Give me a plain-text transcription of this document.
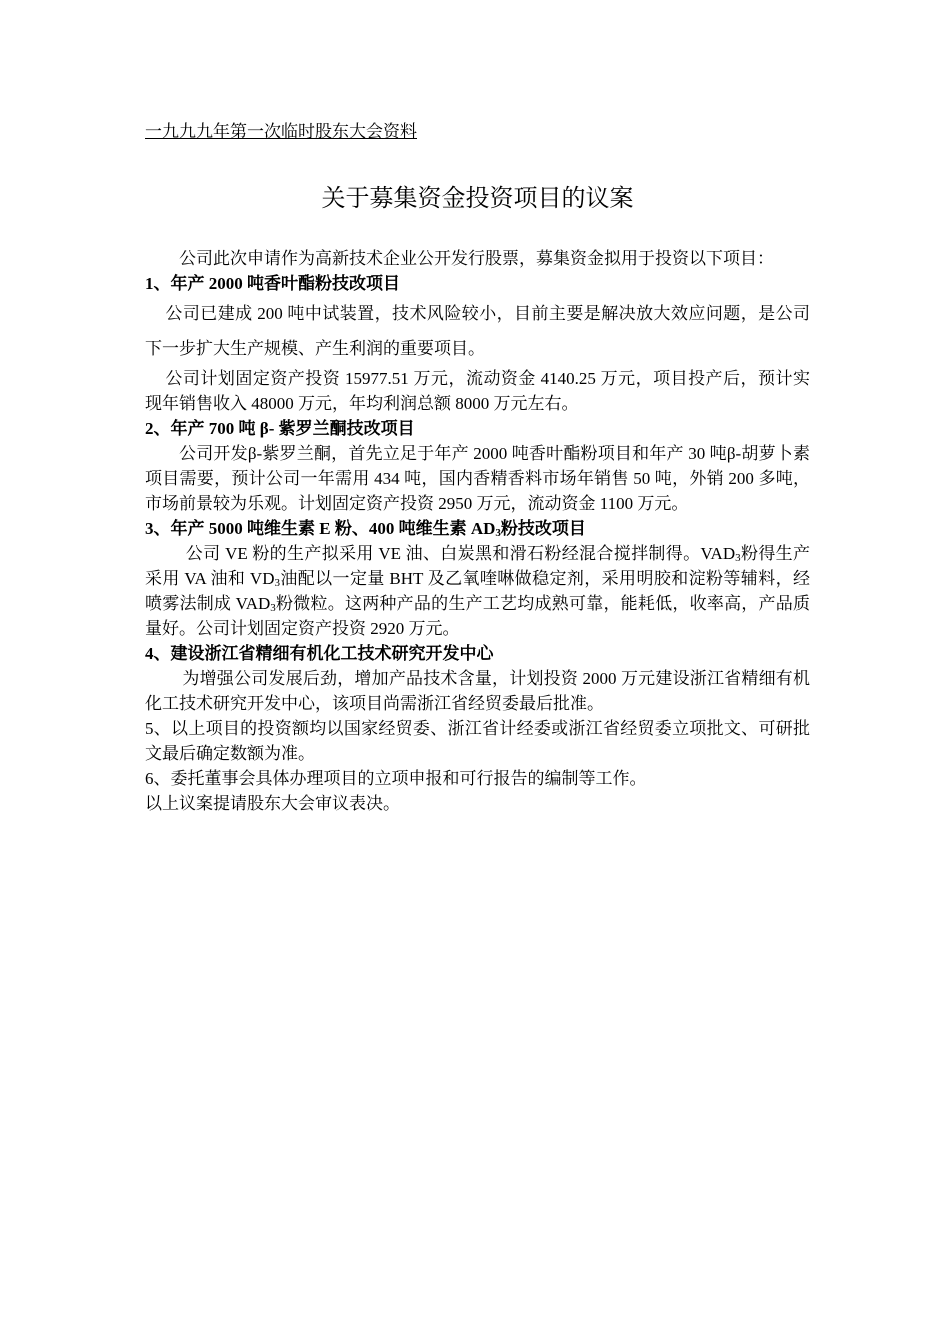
一九九九年第一次临时股东大会资料

关于募集资金投资项目的议案

公司此次申请作为高新技术企业公开发行股票，募集资金拟用于投资以下项目：

1、年产 2000 吨香叶酯粉技改项目

公司已建成 200 吨中试装置，技术风险较小，目前主要是解决放大效应问题，是公司下一步扩大生产规模、产生利润的重要项目。

公司计划固定资产投资 15977.51 万元，流动资金 4140.25 万元，项目投产后，预计实现年销售收入 48000 万元，年均利润总额 8000 万元左右。

2、年产 700 吨 β- 紫罗兰酮技改项目

公司开发β-紫罗兰酮，首先立足于年产 2000 吨香叶酯粉项目和年产 30 吨β-胡萝卜素项目需要，预计公司一年需用 434 吨，国内香精香料市场年销售 50 吨，外销 200 多吨，市场前景较为乐观。计划固定资产投资 2950 万元，流动资金 1100 万元。

3、年产 5000 吨维生素 E 粉、400 吨维生素 $AD_3$粉技改项目

公司 VE 粉的生产拟采用 VE 油、白炭黑和滑石粉经混合搅拌制得。$VAD_3$粉得生产采用 VA 油和 $VD_3$油配以一定量 BHT 及乙氧喹啉做稳定剂，采用明胶和淀粉等辅料，经喷雾法制成 $VAD_3$粉微粒。这两种产品的生产工艺均成熟可靠，能耗低，收率高，产品质量好。公司计划固定资产投资 2920 万元。

4、建设浙江省精细有机化工技术研究开发中心

为增强公司发展后劲，增加产品技术含量，计划投资 2000 万元建设浙江省精细有机化工技术研究开发中心，该项目尚需浙江省经贸委最后批准。

5、以上项目的投资额均以国家经贸委、浙江省计经委或浙江省经贸委立项批文、可研批文最后确定数额为准。

6、委托董事会具体办理项目的立项申报和可行报告的编制等工作。

以上议案提请股东大会审议表决。
